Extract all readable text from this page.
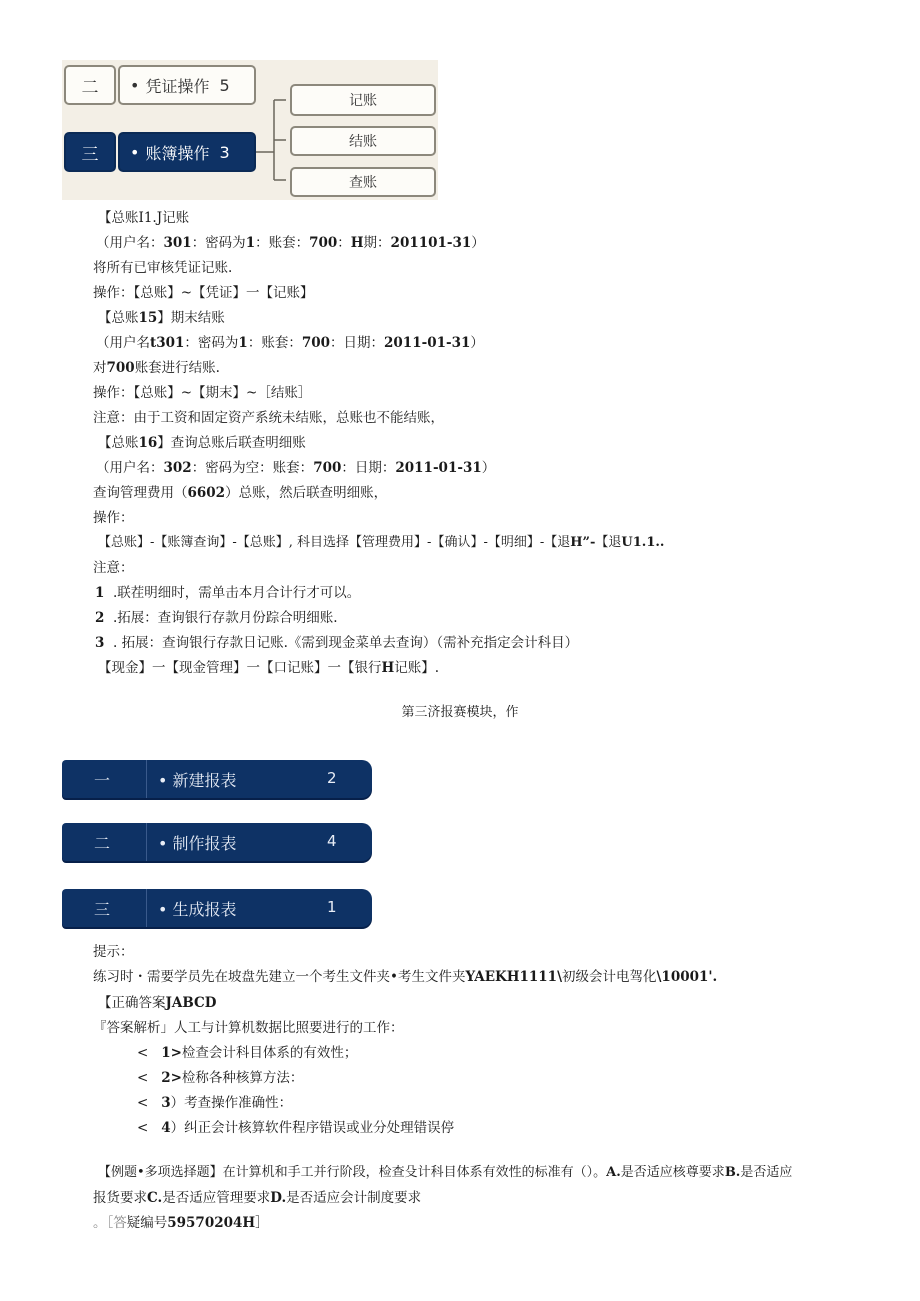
二 • 凭证操作 5
三 • 账簿操作 3
记账
结账
查账
【总账I1.J记账
（用户名：301：密码为1：账套：700：H期：201101-31）
将所有已审核凭证记账.
操作：【总账】~【凭证】一【记账】
【总账15】期末结账
（用户名t301：密码为1：账套：700：日期：2011-01-31）
对700账套进行结账.
操作：【总账】~【期末】~［结账］
注意：由于工资和固定资产系统未结账，总账也不能结账，
【总账16】查询总账后联查明细账
（用户名：302：密码为空：账套：700：日期：2011-01-31）
查询管理费用（6602）总账，然后联查明细账，
操作：
【总账】-【账簿查询】-【总账】, 科目选择【管理费用】-【确认】-【明细】-【退H”-【退U1.1..
注意：
1 .联茬明细时，需单击本月合计行才可以。
2 .拓展：查询银行存款月份踪合明细账.
3 . 拓展：查询银行存款日记账.《需到现金菜单去查询）（需补充指定会计科目）
【现金】一【现金管理】一【口记账】一【银行H记账】.
第三济报赛模块，作
一	• 新建报表	2
二	• 制作报表	4
三	• 生成报表	1
提示：
练习时・需要学员先在坡盘先建立一个考生文件夹•考生文件夹YAEKH1111\初级会计电驾化\10001'.
【正确答案JABCD
『答案解析」人工与计算机数据比照要进行的工作：
< 1>检查会计科目体系的有效性；
< 2>检称各种核算方法：
< 3）考查操作准确性：
< 4）纠正会计核算软件程序错误或业分处理错误停
【例题•多项选择题】在计算机和手工并行阶段，检查殳计科目体系有效性的标准有（）。A.是否适应核尊要求B.是否适应
报货要求C.是否适应管理要求D.是否适应会计制度要求
。［答疑编号59570204H］
